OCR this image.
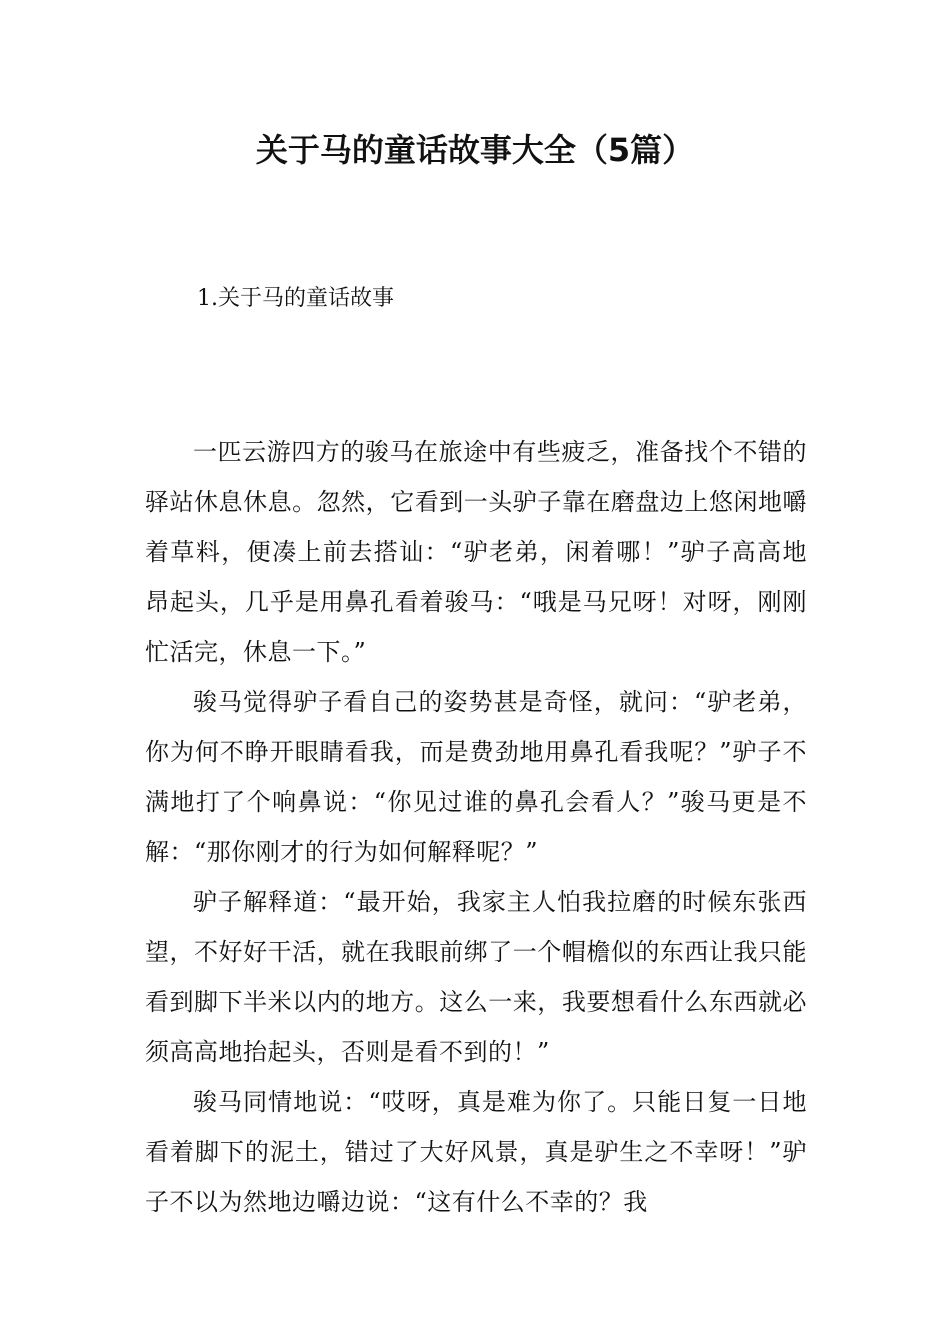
关于马的童话故事大全（5篇）
1.关于马的童话故事

一匹云游四方的骏马在旅途中有些疲乏，准备找个不错的驿站休息休息。忽然，它看到一头驴子靠在磨盘边上悠闲地嚼着草料，便凑上前去搭讪：“驴老弟，闲着哪！”驴子高高地昂起头，几乎是用鼻孔看着骏马：“哦是马兄呀！对呀，刚刚忙活完，休息一下。”

骏马觉得驴子看自己的姿势甚是奇怪，就问：“驴老弟，你为何不睁开眼睛看我，而是费劲地用鼻孔看我呢？”驴子不满地打了个响鼻说：“你见过谁的鼻孔会看人？”骏马更是不解：“那你刚才的行为如何解释呢？”

驴子解释道：“最开始，我家主人怕我拉磨的时候东张西望，不好好干活，就在我眼前绑了一个帽檐似的东西让我只能看到脚下半米以内的地方。这么一来，我要想看什么东西就必须高高地抬起头，否则是看不到的！”

骏马同情地说：“哎呀，真是难为你了。只能日复一日地看着脚下的泥土，错过了大好风景，真是驴生之不幸呀！”驴子不以为然地边嚼边说：“这有什么不幸的？我
